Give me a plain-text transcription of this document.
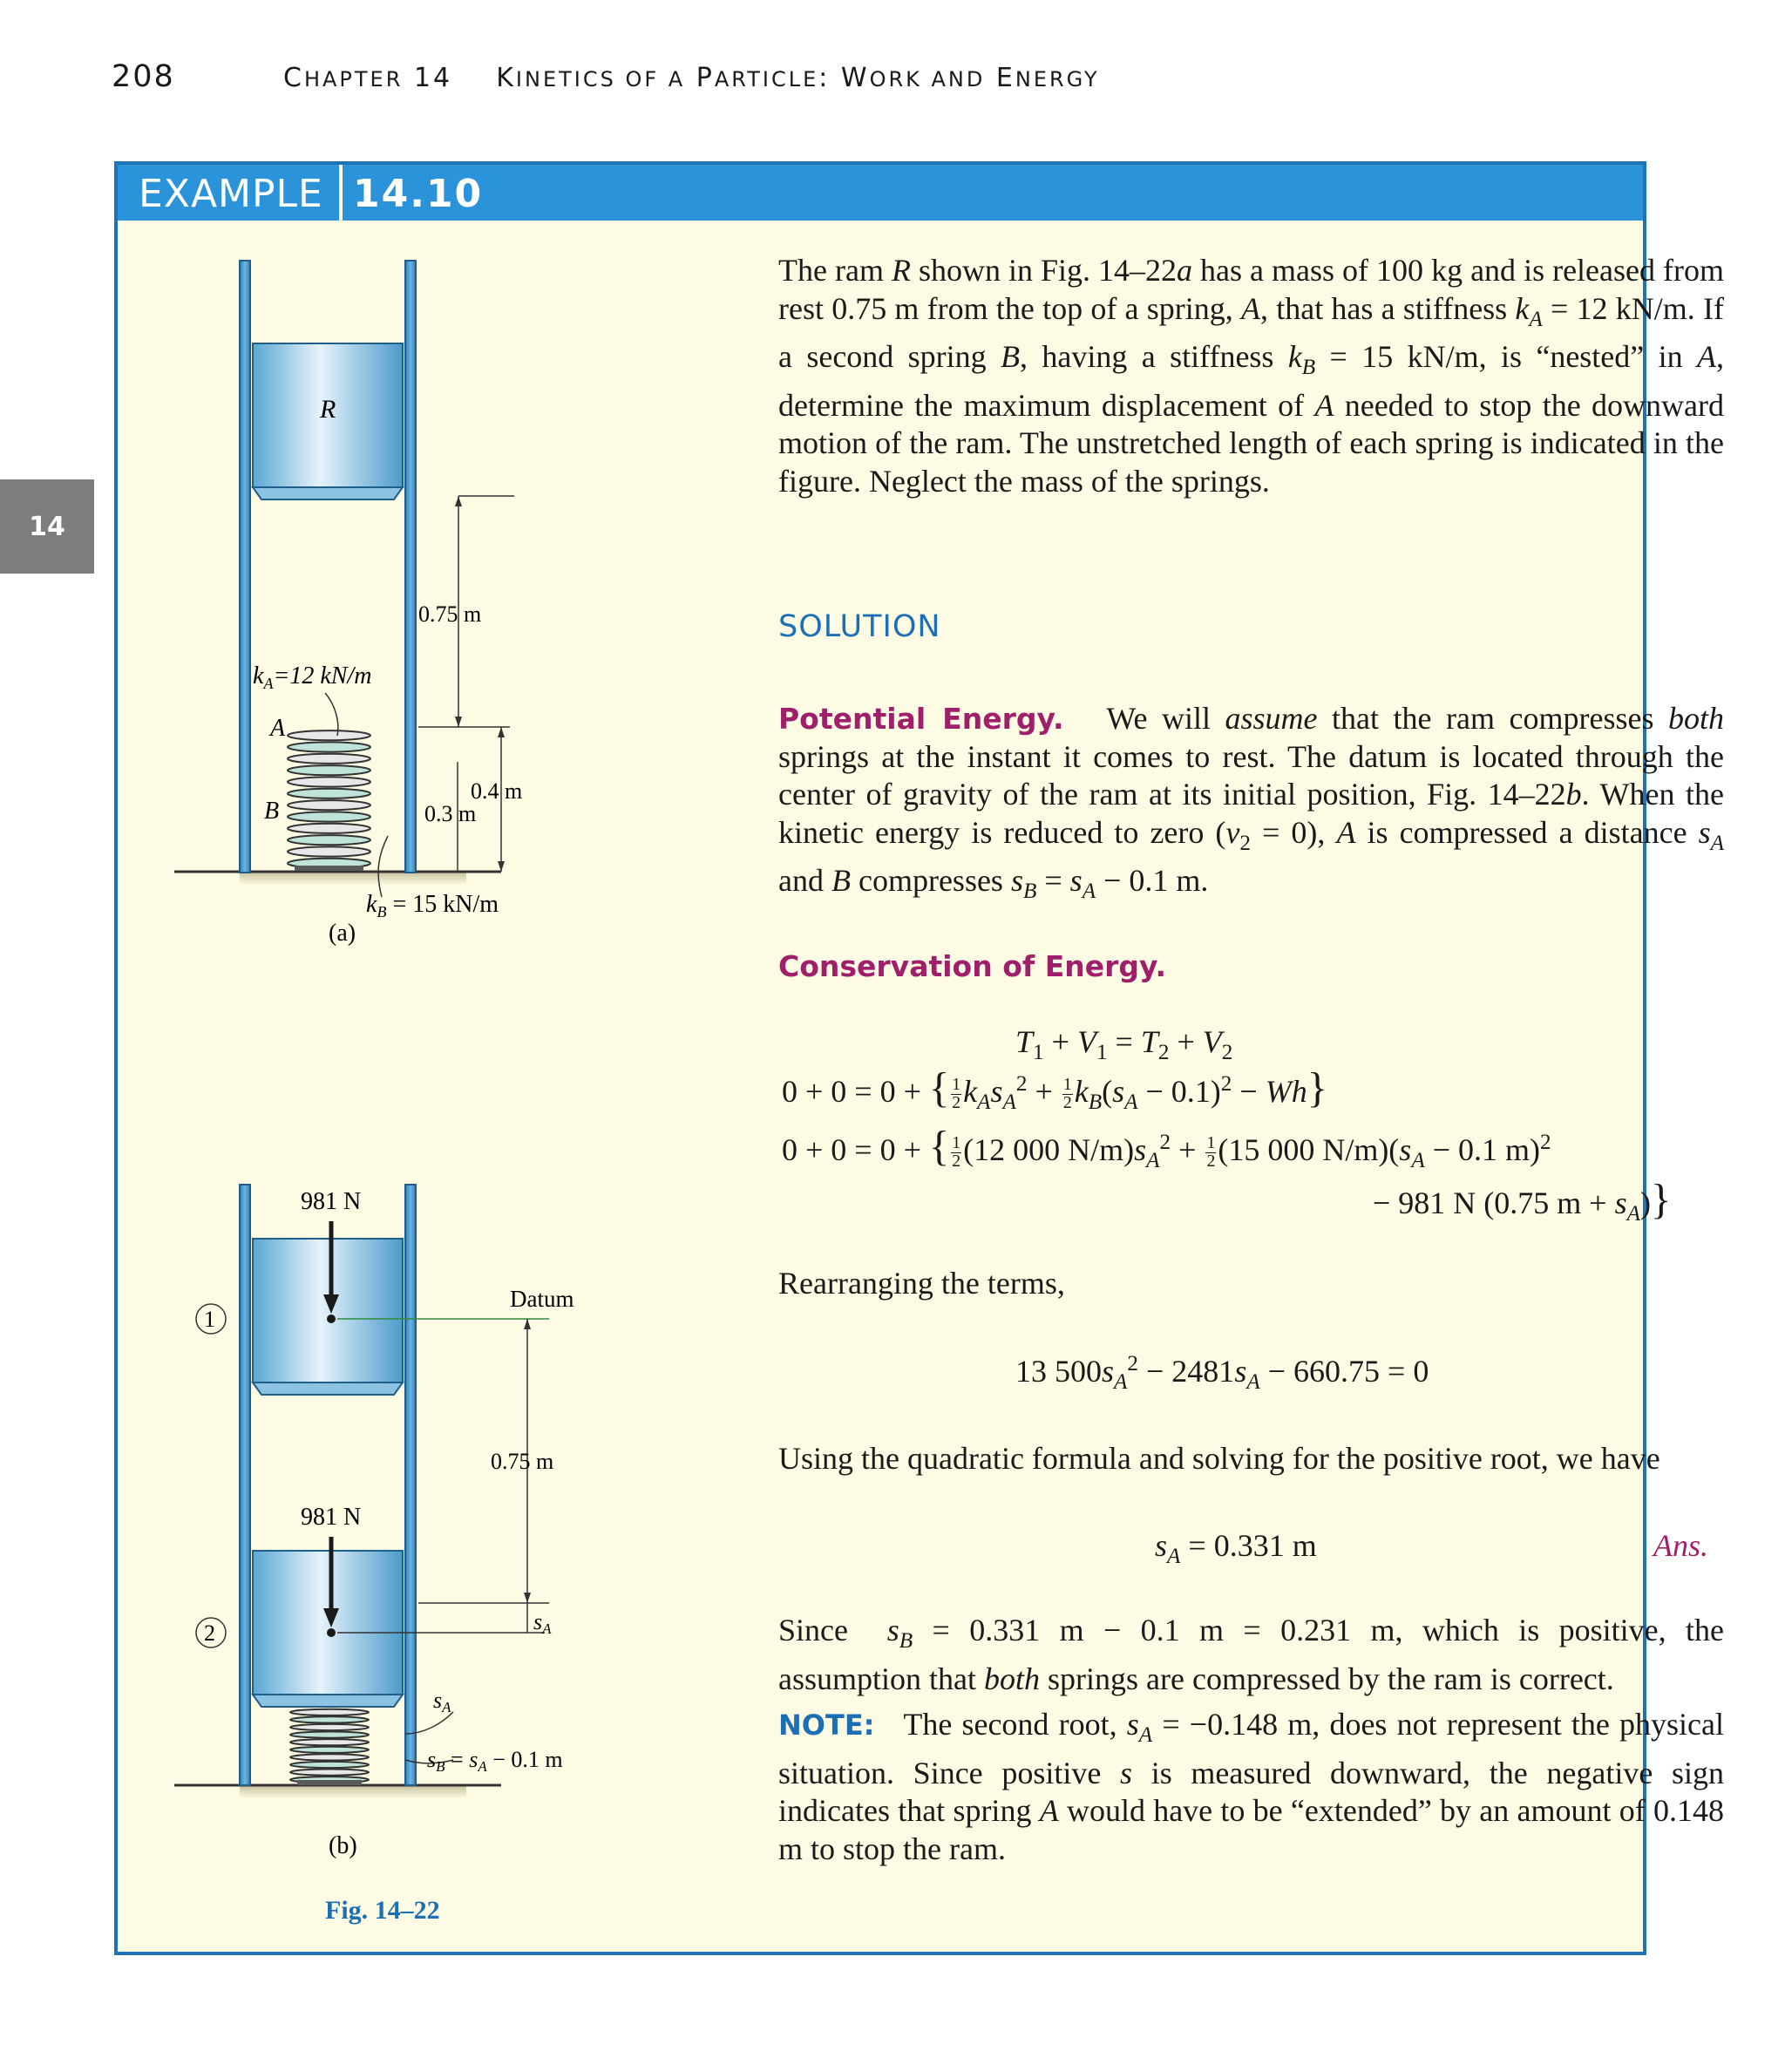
208	CHAPTER 14    KINETICS OF A PARTICLE: WORK AND ENERGY
14
EXAMPLE 14.10
R
0.75 m
0.4 m
0.3 m
$k_A=12$ kN/m
A
B
$k_B = 15$ kN/m
(a)
981 N
Datum
1
981 N
2
0.75 m
sA
sA
sB = sA − 0.1 m
(b)
Fig. 14–22

The ram R shown in Fig. 14–22a has a mass of 100 kg and is released from rest 0.75 m from the top of a spring, A, that has a stiffness $k_A = 12$ kN/m. If a second spring B, having a stiffness $k_B = 15$ kN/m, is “nested” in A, determine the maximum displacement of A needed to stop the downward motion of the ram. The unstretched length of each spring is indicated in the figure. Neglect the mass of the springs.

SOLUTION

Potential Energy.   We will assume that the ram compresses both springs at the instant it comes to rest. The datum is located through the center of gravity of the ram at its initial position, Fig. 14–22b. When the kinetic energy is reduced to zero $(v_2 = 0)$, A is compressed a distance $s_A$ and B compresses $s_B = s_A - 0.1$ m.

Conservation of Energy.
$T_1 + V_1 = T_2 + V_2$
0 + 0 = 0 + { $\frac{1}{2} k_As_A^2 + \frac{1}{2} k_B(s_A - 0.1)^2 - Wh$}
0 + 0 = 0 + { $\frac{1}{2} (12$ 000 $N/m)s_A^2 + \frac{1}{2} (15$ 000 $N/m)(s_A - 0.1$ m)$^2$
− 981 N (0.75 $m + s_A$)}
Rearranging the terms,
13 $500s_A^2 - 2481s_A - 660.75 = 0$
Using the quadratic formula and solving for the positive root, we have
$s_A = 0.331$ m	Ans.

Since  $s_B = 0.331$ m − 0.1 m = 0.231 m, which is positive, the

assumption that both springs are compressed by the ram is correct.

NOTE:   The second root, $s_A = -0.148$ m, does not represent the physical situation. Since positive s is measured downward, the negative sign indicates that spring A would have to be “extended” by an amount of 0.148 m to stop the ram.
